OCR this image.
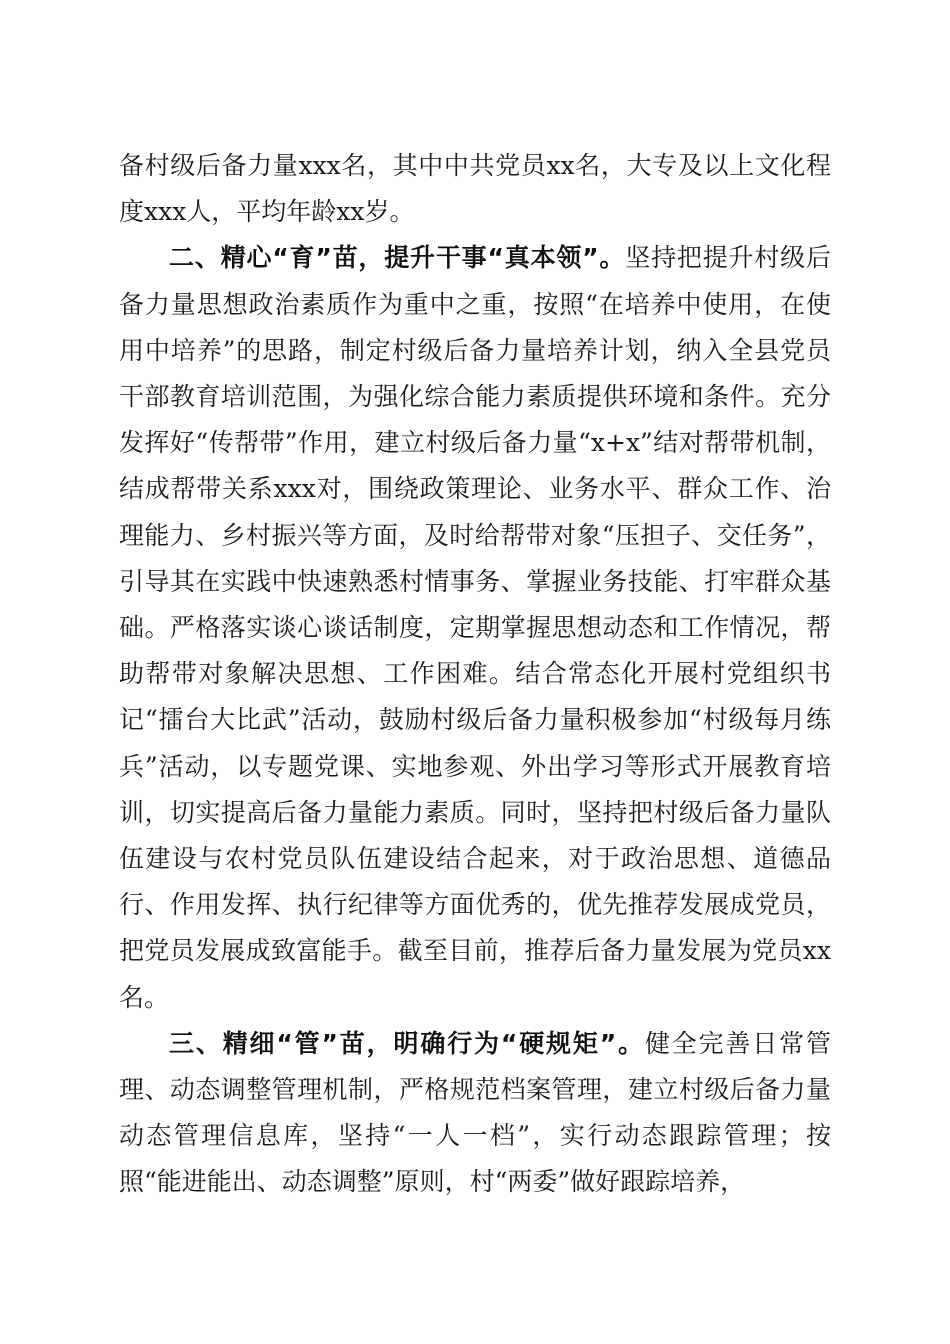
备村级后备力量xxx名，其中中共党员xx名，大专及以上文化程度xxx人，平均年龄xx岁。

二、精心“育”苗，提升干事“真本领”。坚持把提升村级后备力量思想政治素质作为重中之重，按照“在培养中使用，在使用中培养”的思路，制定村级后备力量培养计划，纳入全县党员干部教育培训范围，为强化综合能力素质提供环境和条件。充分发挥好“传帮带”作用，建立村级后备力量“x+x”结对帮带机制，结成帮带关系xxx对，围绕政策理论、业务水平、群众工作、治理能力、乡村振兴等方面，及时给帮带对象“压担子、交任务”，引导其在实践中快速熟悉村情事务、掌握业务技能、打牢群众基础。严格落实谈心谈话制度，定期掌握思想动态和工作情况，帮助帮带对象解决思想、工作困难。结合常态化开展村党组织书记“擂台大比武”活动，鼓励村级后备力量积极参加“村级每月练兵”活动，以专题党课、实地参观、外出学习等形式开展教育培训，切实提高后备力量能力素质。同时，坚持把村级后备力量队伍建设与农村党员队伍建设结合起来，对于政治思想、道德品行、作用发挥、执行纪律等方面优秀的，优先推荐发展成党员，把党员发展成致富能手。截至目前，推荐后备力量发展为党员xx名。

三、精细“管”苗，明确行为“硬规矩”。健全完善日常管理、动态调整管理机制，严格规范档案管理，建立村级后备力量动态管理信息库，坚持“一人一档”，实行动态跟踪管理；按照“能进能出、动态调整”原则，村“两委”做好跟踪培养，
